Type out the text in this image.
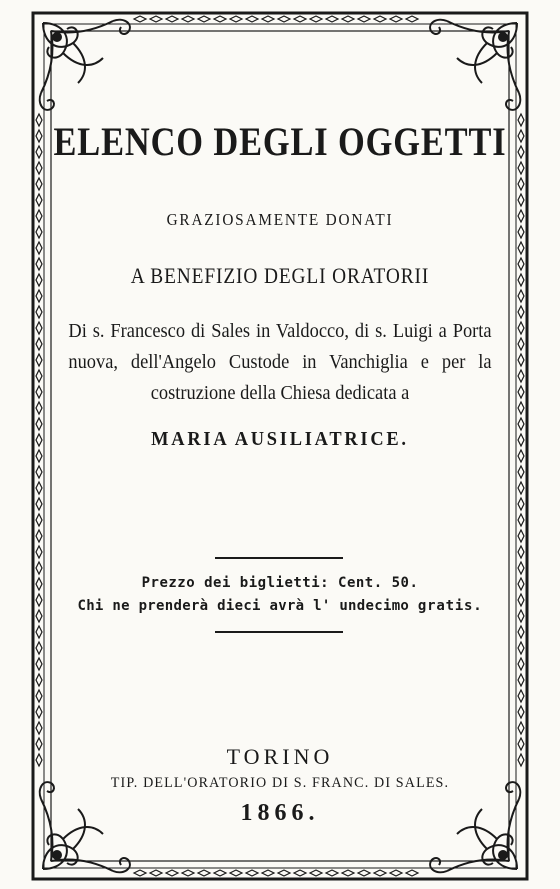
ELENCO DEGLI OGGETTI
GRAZIOSAMENTE DONATI
A BENEFIZIO DEGLI ORATORII
Di s. Francesco di Sales in Valdocco, di s. Luigi a Porta nuova, dell'Angelo Custode in Vanchiglia e per la costruzione della Chiesa dedicata a
MARIA AUSILIATRICE.
Prezzo dei biglietti: Cent. 50.
Chi ne prenderà dieci avrà l' undecimo gratis.
TORINO
TIP. DELL'ORATORIO DI S. FRANC. DI SALES.
1866.
